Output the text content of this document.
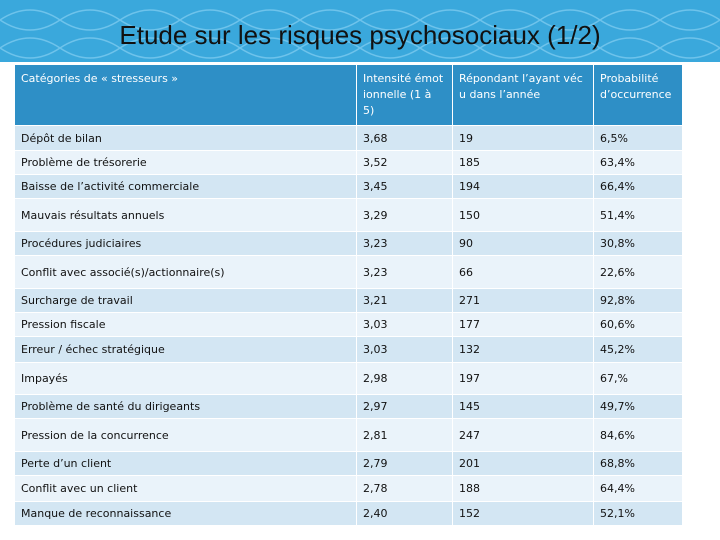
Etude sur les risques psychosociaux (1/2)
Catégories de « stresseurs »	Intensité émotionnelle (1 à 5)	Répondant l’ayant vécu dans l’année	Probabilité d’occurrence
Dépôt de bilan	3,68	19	6,5%
Problème de trésorerie	3,52	185	63,4%
Baisse de l’activité commerciale	3,45	194	66,4%
Mauvais résultats annuels	3,29	150	51,4%
Procédures judiciaires	3,23	90	30,8%
Conflit avec associé(s)/actionnaire(s)	3,23	66	22,6%
Surcharge de travail	3,21	271	92,8%
Pression fiscale	3,03	177	60,6%
Erreur / échec stratégique	3,03	132	45,2%
Impayés	2,98	197	67,%
Problème de santé du dirigeants	2,97	145	49,7%
Pression de la concurrence	2,81	247	84,6%
Perte d’un client	2,79	201	68,8%
Conflit avec un client	2,78	188	64,4%
Manque de reconnaissance	2,40	152	52,1%
